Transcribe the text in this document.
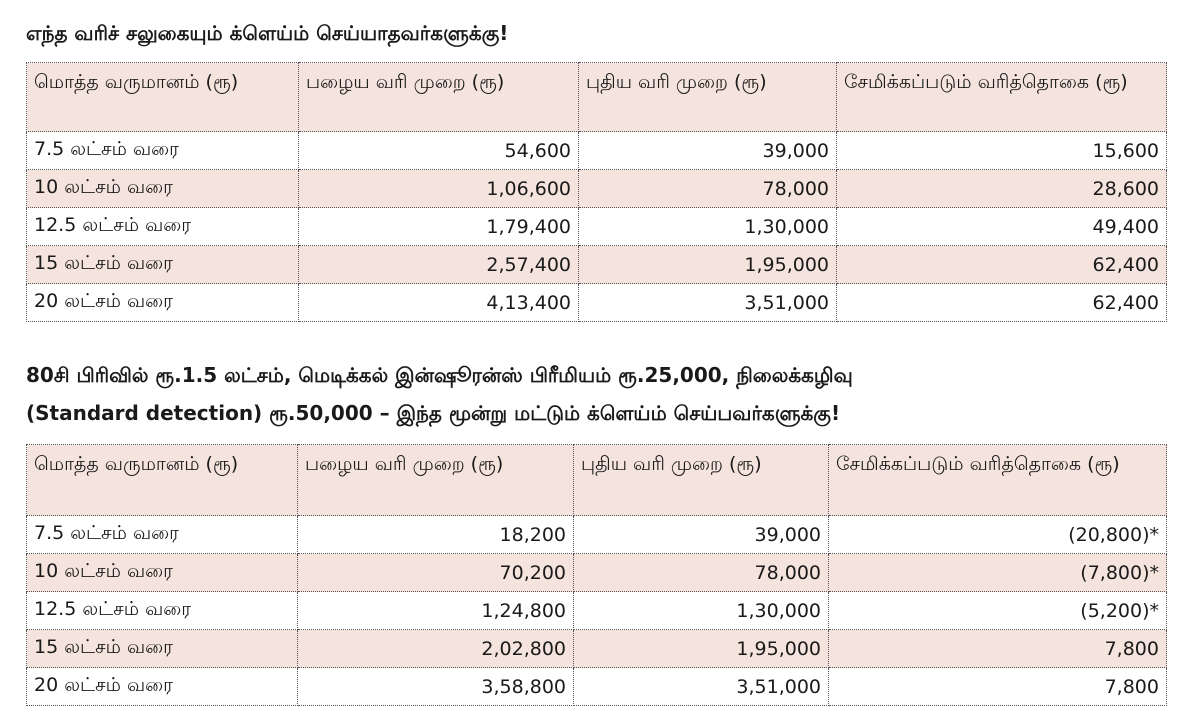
எந்த வரிச் சலுகையும் க்ளெய்ம் செய்யாதவர்களுக்கு!
மொத்த வருமானம் (ரூ)	பழைய வரி முறை (ரூ)	புதிய வரி முறை (ரூ)	சேமிக்கப்படும் வரித்தொகை (ரூ)
7.5 லட்சம் வரை	54,600	39,000	15,600
10 லட்சம் வரை	1,06,600	78,000	28,600
12.5 லட்சம் வரை	1,79,400	1,30,000	49,400
15 லட்சம் வரை	2,57,400	1,95,000	62,400
20 லட்சம் வரை	4,13,400	3,51,000	62,400
80சி பிரிவில் ரூ.1.5 லட்சம், மெடிக்கல் இன்ஷூரன்ஸ் பிரீமியம் ரூ.25,000, நிலைக்கழிவு
(Standard detection) ரூ.50,000 – இந்த மூன்று மட்டும் க்ளெய்ம் செய்பவர்களுக்கு!
மொத்த வருமானம் (ரூ)	பழைய வரி முறை (ரூ)	புதிய வரி முறை (ரூ)	சேமிக்கப்படும் வரித்தொகை (ரூ)
7.5 லட்சம் வரை	18,200	39,000	(20,800)*
10 லட்சம் வரை	70,200	78,000	(7,800)*
12.5 லட்சம் வரை	1,24,800	1,30,000	(5,200)*
15 லட்சம் வரை	2,02,800	1,95,000	7,800
20 லட்சம் வரை	3,58,800	3,51,000	7,800
